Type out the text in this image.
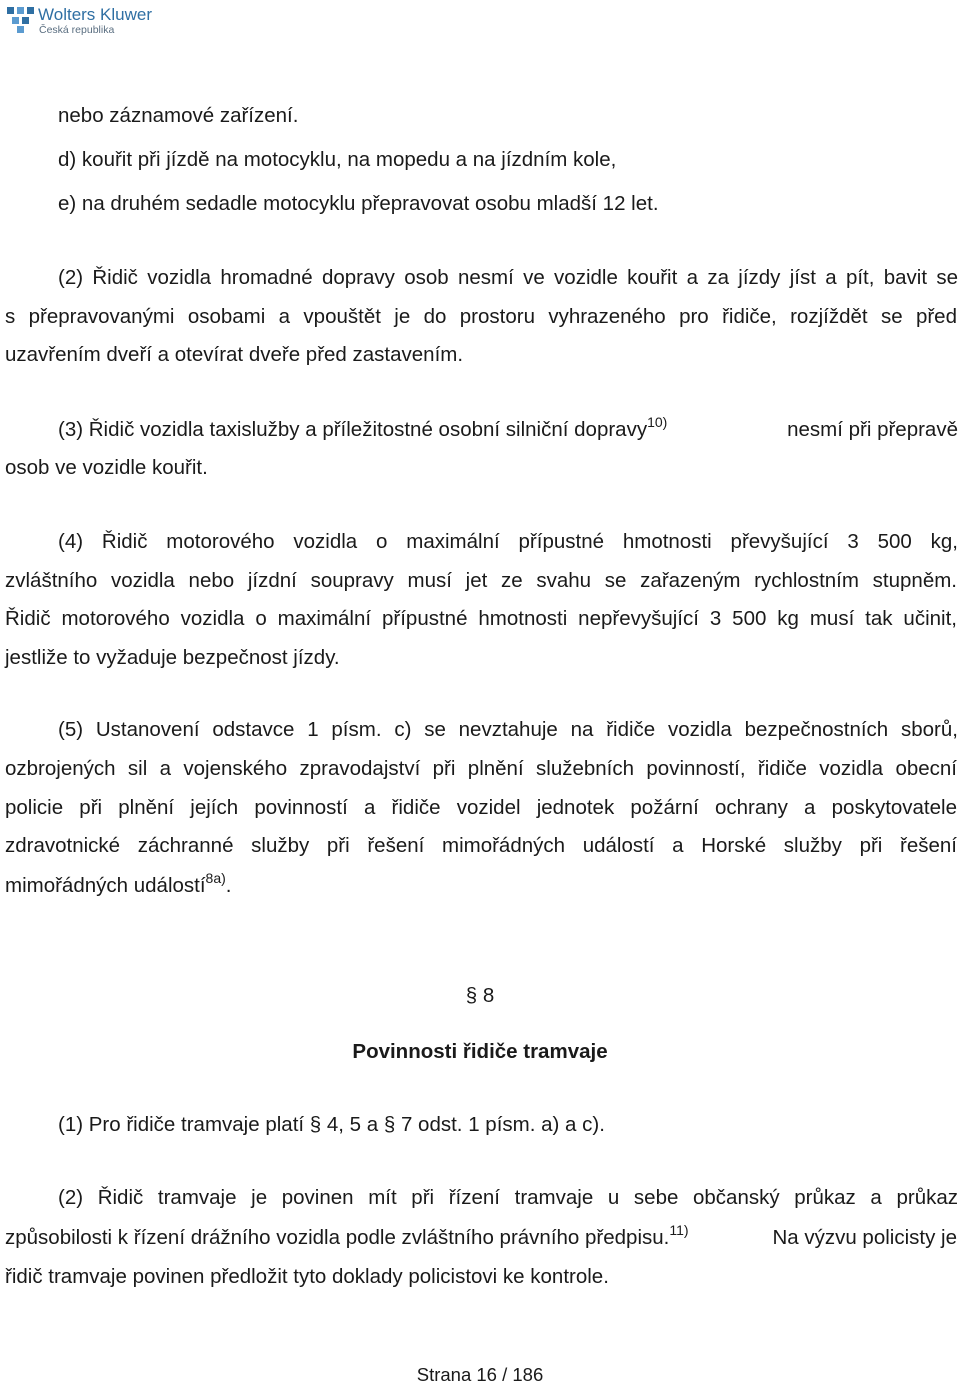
Wolters Kluwer
Česká republika
nebo záznamové zařízení.
d) kouřit při jízdě na motocyklu, na mopedu a na jízdním kole,
e) na druhém sedadle motocyklu přepravovat osobu mladší 12 let.
(2) Řidič vozidla hromadné dopravy osob nesmí ve vozidle kouřit a za jízdy jíst a pít, bavit se
s přepravovanými osobami a vpouštět je do prostoru vyhrazeného pro řidiče, rozjíždět se před
uzavřením dveří a otevírat dveře před zastavením.
(3) Řidič vozidla taxislužby a příležitostné osobní silniční dopravy$^{10)}$	nesmí při přepravě
osob ve vozidle kouřit.
(4) Řidič motorového vozidla o maximální přípustné hmotnosti převyšující 3 500 kg,
zvláštního vozidla nebo jízdní soupravy musí jet ze svahu se zařazeným rychlostním stupněm.
Řidič motorového vozidla o maximální přípustné hmotnosti nepřevyšující 3 500 kg musí tak učinit,
jestliže to vyžaduje bezpečnost jízdy.
(5) Ustanovení odstavce 1 písm. c) se nevztahuje na řidiče vozidla bezpečnostních sborů,
ozbrojených sil a vojenského zpravodajství při plnění služebních povinností, řidiče vozidla obecní
policie při plnění jejích povinností a řidiče vozidel jednotek požární ochrany a poskytovatele
zdravotnické záchranné služby při řešení mimořádných událostí a Horské služby při řešení
mimořádných událostí$^{8a)}$.
§ 8
Povinnosti řidiče tramvaje
(1) Pro řidiče tramvaje platí § 4, 5 a § 7 odst. 1 písm. a) a c).
(2) Řidič tramvaje je povinen mít při řízení tramvaje u sebe občanský průkaz a průkaz
způsobilosti k řízení drážního vozidla podle zvláštního právního předpisu.$^{11)}$	Na výzvu policisty je
řidič tramvaje povinen předložit tyto doklady policistovi ke kontrole.
Strana 16 / 186
